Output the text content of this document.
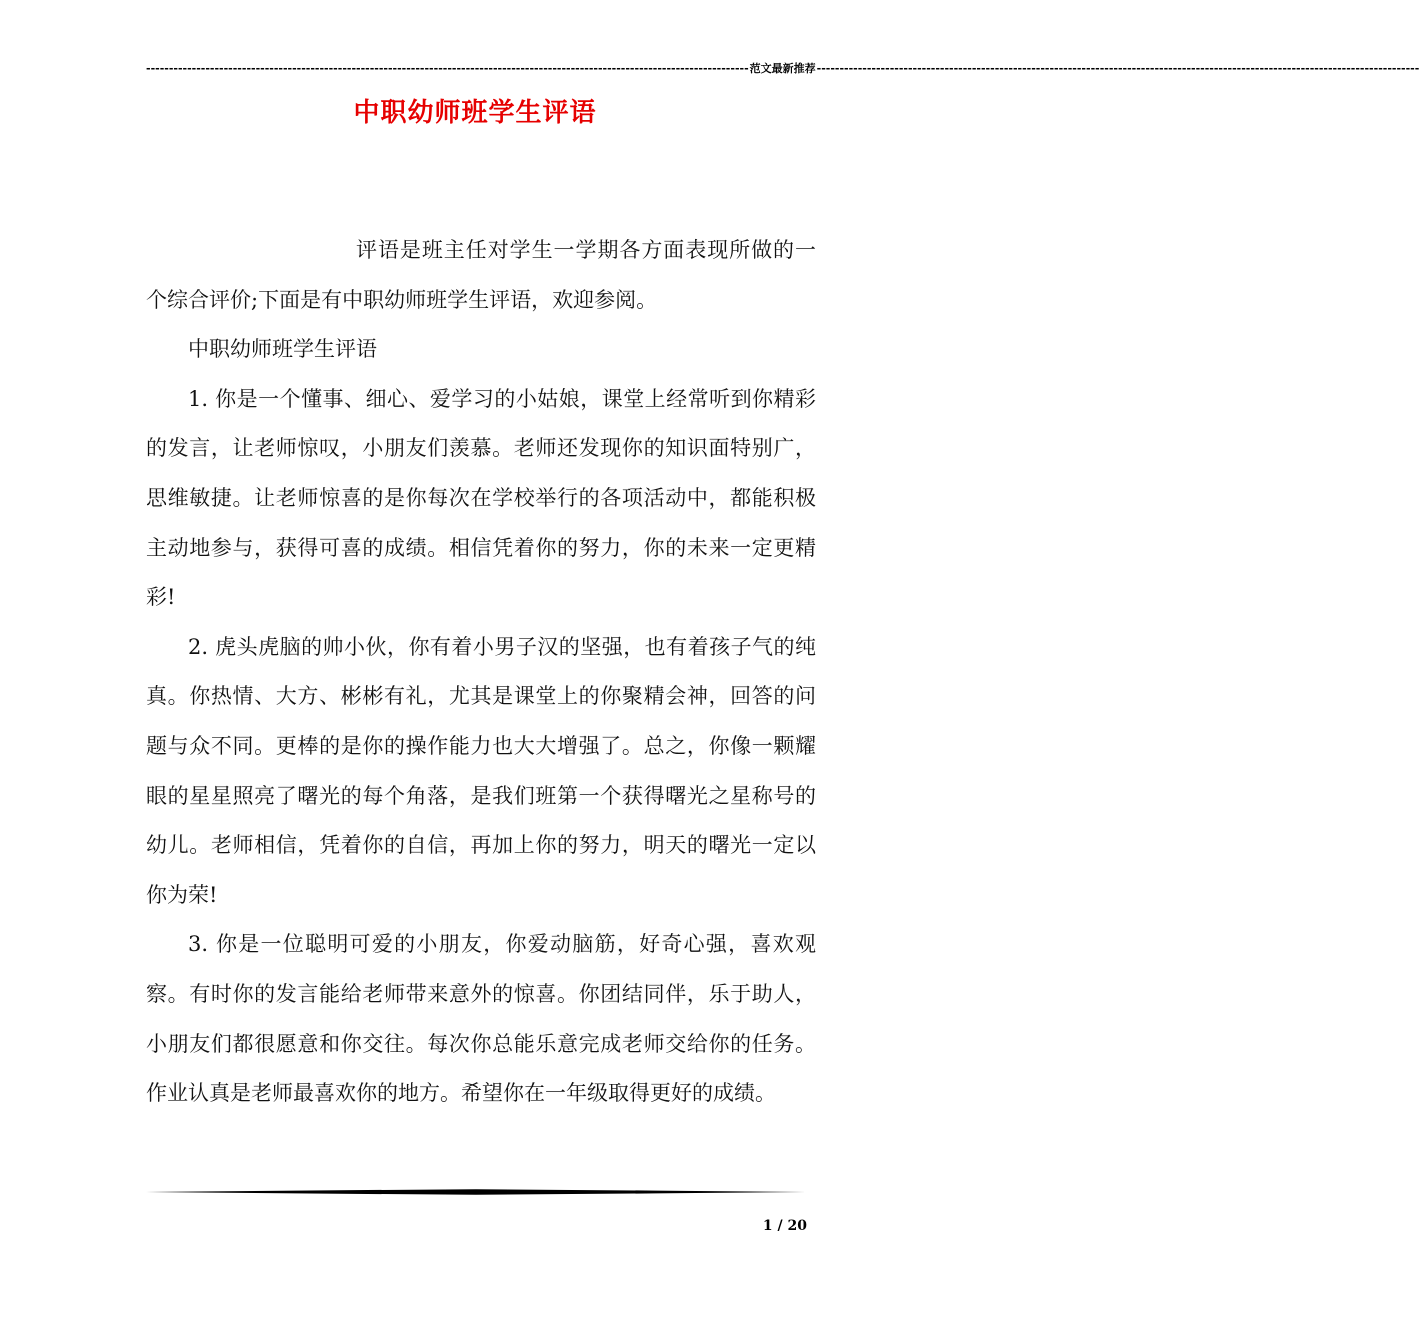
------------------------------------------------------------------------------------------------------------------------------------ 范文最新推荐 ------------------------------------------------------------------------------------------------------------------------------------
中职幼师班学生评语

评语是班主任对学生一学期各方面表现所做的一个综合评价;下面是有中职幼师班学生评语，欢迎参阅。

中职幼师班学生评语

1. 你是一个懂事、细心、爱学习的小姑娘，课堂上经常听到你精彩的发言，让老师惊叹，小朋友们羡慕。老师还发现你的知识面特别广，思维敏捷。让老师惊喜的是你每次在学校举行的各项活动中，都能积极主动地参与，获得可喜的成绩。相信凭着你的努力，你的未来一定更精彩!

2. 虎头虎脑的帅小伙，你有着小男子汉的坚强，也有着孩子气的纯真。你热情、大方、彬彬有礼，尤其是课堂上的你聚精会神，回答的问题与众不同。更棒的是你的操作能力也大大增强了。总之，你像一颗耀眼的星星照亮了曙光的每个角落，是我们班第一个获得曙光之星称号的幼儿。老师相信，凭着你的自信，再加上你的努力，明天的曙光一定以你为荣!

3. 你是一位聪明可爱的小朋友，你爱动脑筋，好奇心强，喜欢观察。有时你的发言能给老师带来意外的惊喜。你团结同伴，乐于助人，小朋友们都很愿意和你交往。每次你总能乐意完成老师交给你的任务。作业认真是老师最喜欢你的地方。希望你在一年级取得更好的成绩。

1 / 20
